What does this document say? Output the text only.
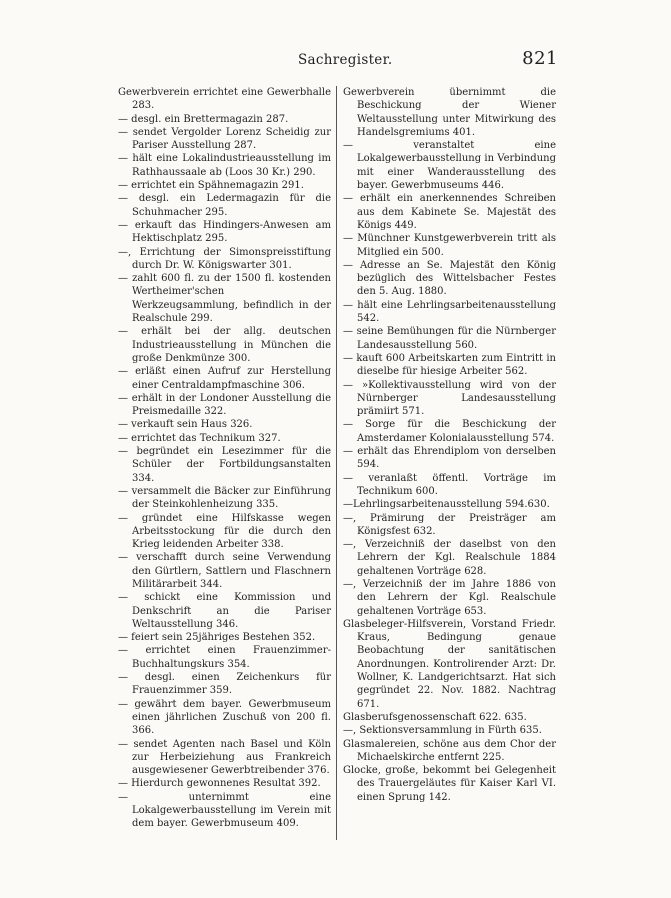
Sachregister.	821

Gewerbverein errichtet eine Gewerbhalle 283.

— desgl. ein Brettermagazin 287.

— sendet Vergolder Lorenz Scheidig zur Pariser Ausstellung 287.

— hält eine Lokalindustrieausstellung im Rathhaussaale ab (Loos 30 Kr.) 290.

— errichtet ein Spähnemagazin 291.

— desgl. ein Ledermagazin für die Schuhmacher 295.

— erkauft das Hindingers-Anwesen am Hektischplatz 295.

—, Errichtung der Simonspreisstiftung durch Dr. W. Königswarter 301.

— zahlt 600 fl. zu der 1500 fl. kostenden Wertheimer'schen Werkzeugsammlung, befindlich in der Realschule 299.

— erhält bei der allg. deutschen Industrieausstellung in München die große Denkmünze 300.

— erläßt einen Aufruf zur Herstellung einer Centraldampfmaschine 306.

— erhält in der Londoner Ausstellung die Preismedaille 322.

— verkauft sein Haus 326.

— errichtet das Technikum 327.

— begründet ein Lesezimmer für die Schüler der Fortbildungsanstalten 334.

— versammelt die Bäcker zur Einführung der Steinkohlenheizung 335.

— gründet eine Hilfskasse wegen Arbeitsstockung für die durch den Krieg leidenden Arbeiter 338.

— verschafft durch seine Verwendung den Gürtlern, Sattlern und Flaschnern Militärarbeit 344.

— schickt eine Kommission und Denkschrift an die Pariser Weltausstellung 346.

— feiert sein 25jähriges Bestehen 352.

— errichtet einen Frauenzimmer-Buchhaltungskurs 354.

— desgl. einen Zeichenkurs für Frauenzimmer 359.

— gewährt dem bayer. Gewerbmuseum einen jährlichen Zuschuß von 200 fl. 366.

— sendet Agenten nach Basel und Köln zur Herbeiziehung aus Frankreich ausgewiesener Gewerbtreibender 376.

— Hierdurch gewonnenes Resultat 392.

— unternimmt eine Lokalgewerbausstellung im Verein mit dem bayer. Gewerbmuseum 409.

Gewerbverein übernimmt die Beschickung der Wiener Weltausstellung unter Mitwirkung des Handelsgremiums 401.

— veranstaltet eine Lokalgewerbausstellung in Verbindung mit einer Wanderausstellung des bayer. Gewerbmuseums 446.

— erhält ein anerkennendes Schreiben aus dem Kabinete Se. Majestät des Königs 449.

— Münchner Kunstgewerbverein tritt als Mitglied ein 500.

— Adresse an Se. Majestät den König bezüglich des Wittelsbacher Festes den 5. Aug. 1880.

— hält eine Lehrlingsarbeitenausstellung 542.

— seine Bemühungen für die Nürnberger Landesausstellung 560.

— kauft 600 Arbeitskarten zum Eintritt in dieselbe für hiesige Arbeiter 562.

— »Kollektivausstellung wird von der Nürnberger Landesausstellung prämiirt 571.

— Sorge für die Beschickung der Amsterdamer Kolonialausstellung 574.

— erhält das Ehrendiplom von derselben 594.

— veranlaßt öffentl. Vorträge im Technikum 600.

—Lehrlingsarbeitenausstellung 594.630.

—, Prämirung der Preisträger am Königsfest 632.

—, Verzeichniß der daselbst von den Lehrern der Kgl. Realschule 1884 gehaltenen Vorträge 628.

—, Verzeichniß der im Jahre 1886 von den Lehrern der Kgl. Realschule gehaltenen Vorträge 653.

Glasbeleger-Hilfsverein, Vorstand Friedr. Kraus, Bedingung genaue Beobachtung der sanitätischen Anordnungen. Kontrolirender Arzt: Dr. Wollner, K. Landgerichtsarzt. Hat sich gegründet 22. Nov. 1882. Nachtrag 671.

Glasberufsgenossenschaft 622. 635.

—, Sektionsversammlung in Fürth 635.

Glasmalereien, schöne aus dem Chor der Michaelskirche entfernt 225.

Glocke, große, bekommt bei Gelegenheit des Trauergeläutes für Kaiser Karl VI. einen Sprung 142.
